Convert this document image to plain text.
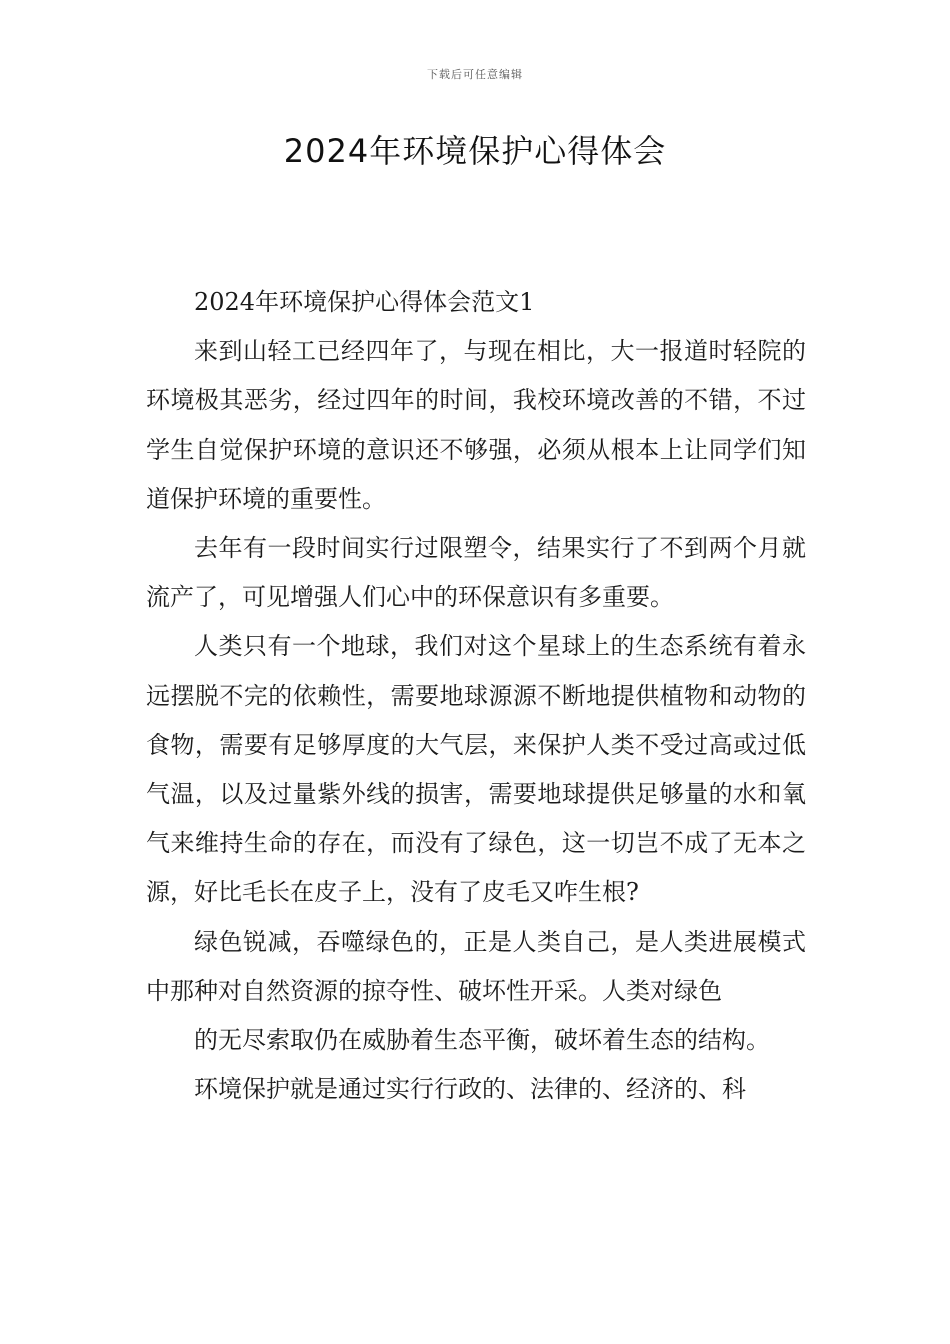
下载后可任意编辑
2024年环境保护心得体会

2024年环境保护心得体会范文1

来到山轻工已经四年了，与现在相比，大一报道时轻院的环境极其恶劣，经过四年的时间，我校环境改善的不错，不过学生自觉保护环境的意识还不够强，必须从根本上让同学们知道保护环境的重要性。

去年有一段时间实行过限塑令，结果实行了不到两个月就流产了，可见增强人们心中的环保意识有多重要。

人类只有一个地球，我们对这个星球上的生态系统有着永远摆脱不完的依赖性，需要地球源源不断地提供植物和动物的食物，需要有足够厚度的大气层，来保护人类不受过高或过低气温，以及过量紫外线的损害，需要地球提供足够量的水和氧气来维持生命的存在，而没有了绿色，这一切岂不成了无本之源，好比毛长在皮子上，没有了皮毛又咋生根?

绿色锐减，吞噬绿色的，正是人类自己，是人类进展模式中那种对自然资源的掠夺性、破坏性开采。人类对绿色

的无尽索取仍在威胁着生态平衡，破坏着生态的结构。

环境保护就是通过实行行政的、法律的、经济的、科
